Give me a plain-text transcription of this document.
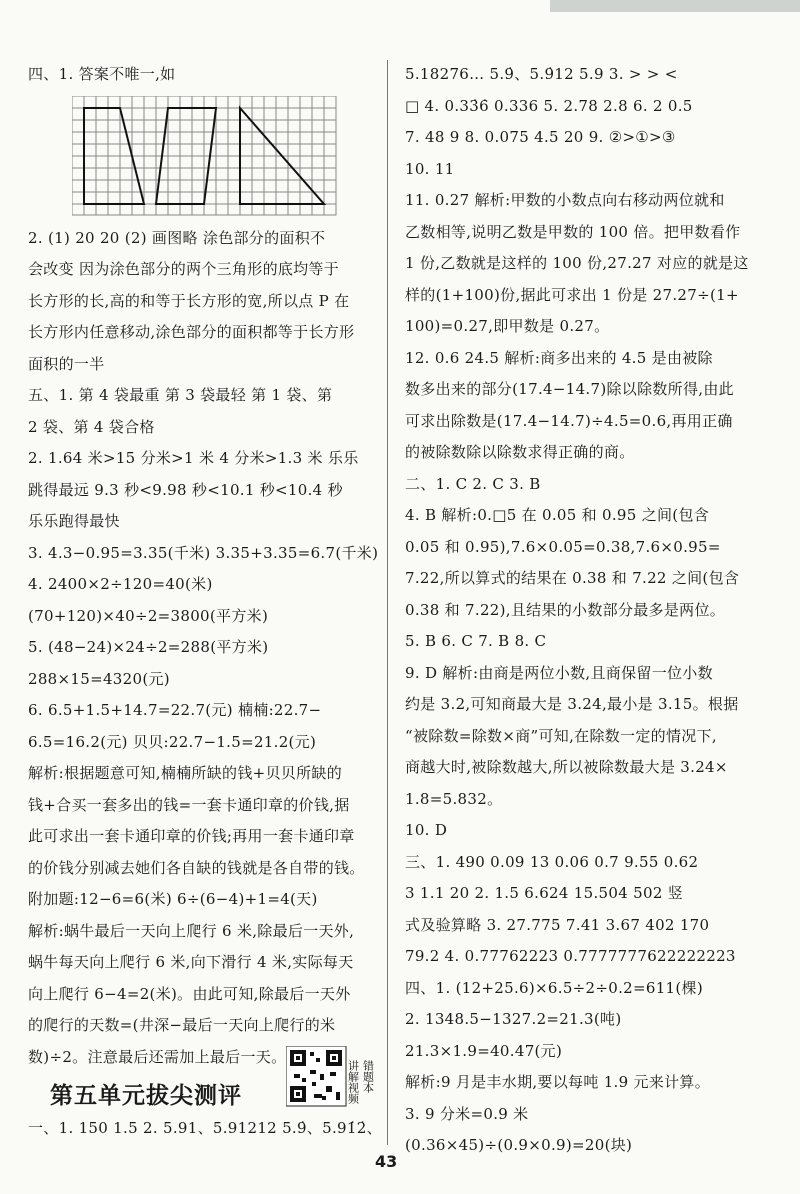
四、1. 答案不唯一,如
2. (1) 20 20 (2) 画图略 涂色部分的面积不
会改变 因为涂色部分的两个三角形的底均等于
长方形的长,高的和等于长方形的宽,所以点 P 在
长方形内任意移动,涂色部分的面积都等于长方形
面积的一半
五、1. 第 4 袋最重 第 3 袋最轻 第 1 袋、第
2 袋、第 4 袋合格
2. 1.64 米>15 分米>1 米 4 分米>1.3 米 乐乐
跳得最远 9.3 秒<9.98 秒<10.1 秒<10.4 秒
乐乐跑得最快
3. 4.3−0.95=3.35(千米) 3.35+3.35=6.7(千米)
4. 2400×2÷120=40(米)
(70+120)×40÷2=3800(平方米)
5. (48−24)×24÷2=288(平方米)
288×15=4320(元)
6. 6.5+1.5+14.7=22.7(元) 楠楠:22.7−
6.5=16.2(元) 贝贝:22.7−1.5=21.2(元)
解析:根据题意可知,楠楠所缺的钱+贝贝所缺的
钱+合买一套多出的钱=一套卡通印章的价钱,据
此可求出一套卡通印章的价钱;再用一套卡通印章
的价钱分别减去她们各自缺的钱就是各自带的钱。
附加题:12−6=6(米) 6÷(6−4)+1=4(天)
解析:蜗牛最后一天向上爬行 6 米,除最后一天外,
蜗牛每天向上爬行 6 米,向下滑行 4 米,实际每天
向上爬行 6−4=2(米)。由此可知,除最后一天外
的爬行的天数=(井深−最后一天向上爬行的米
数)÷2。注意最后还需加上最后一天。
第五单元拔尖测评	讲解视频 错题本
一、1. 150 1.5 2. 5.91、5.91212 5.9̇、5.91̇2̇、
5.18276… 5.9̇、5.9̇12 5.9 3. > > <
□ 4. 0.33̇6̇ 0.336 5. 2.78 2.8 6. 2 0.5
7. 48 9 8. 0.075 4.5 20 9. ②>①>③
10. 11
11. 0.27 解析:甲数的小数点向右移动两位就和
乙数相等,说明乙数是甲数的 100 倍。把甲数看作
1 份,乙数就是这样的 100 份,27.27 对应的就是这
样的(1+100)份,据此可求出 1 份是 27.27÷(1+
100)=0.27,即甲数是 0.27。
12. 0.6 24.5 解析:商多出来的 4.5 是由被除
数多出来的部分(17.4−14.7)除以除数所得,由此
可求出除数是(17.4−14.7)÷4.5=0.6,再用正确
的被除数除以除数求得正确的商。
二、1. C 2. C 3. B
4. B 解析:0.□5 在 0.05 和 0.95 之间(包含
0.05 和 0.95),7.6×0.05=0.38,7.6×0.95=
7.22,所以算式的结果在 0.38 和 7.22 之间(包含
0.38 和 7.22),且结果的小数部分最多是两位。
5. B 6. C 7. B 8. C
9. D 解析:由商是两位小数,且商保留一位小数
约是 3.2,可知商最大是 3.24,最小是 3.15。根据
“被除数=除数×商”可知,在除数一定的情况下,
商越大时,被除数越大,所以被除数最大是 3.24×
1.8=5.832。
10. D
三、1. 490 0.09 13 0.06 0.7 9.55 0.62
3 1.1 20 2. 1.5 6.624 15.504 502 竖
式及验算略 3. 27.775 7.41 3.67 402 170
79.2 4. 0.77762223 0.7777777622222223
四、1. (12+25.6)×6.5÷2÷0.2=611(棵)
2. 1348.5−1327.2=21.3(吨)
21.3×1.9=40.47(元)
解析:9 月是丰水期,要以每吨 1.9 元来计算。
3. 9 分米=0.9 米
(0.36×45)÷(0.9×0.9)=20(块)
43
